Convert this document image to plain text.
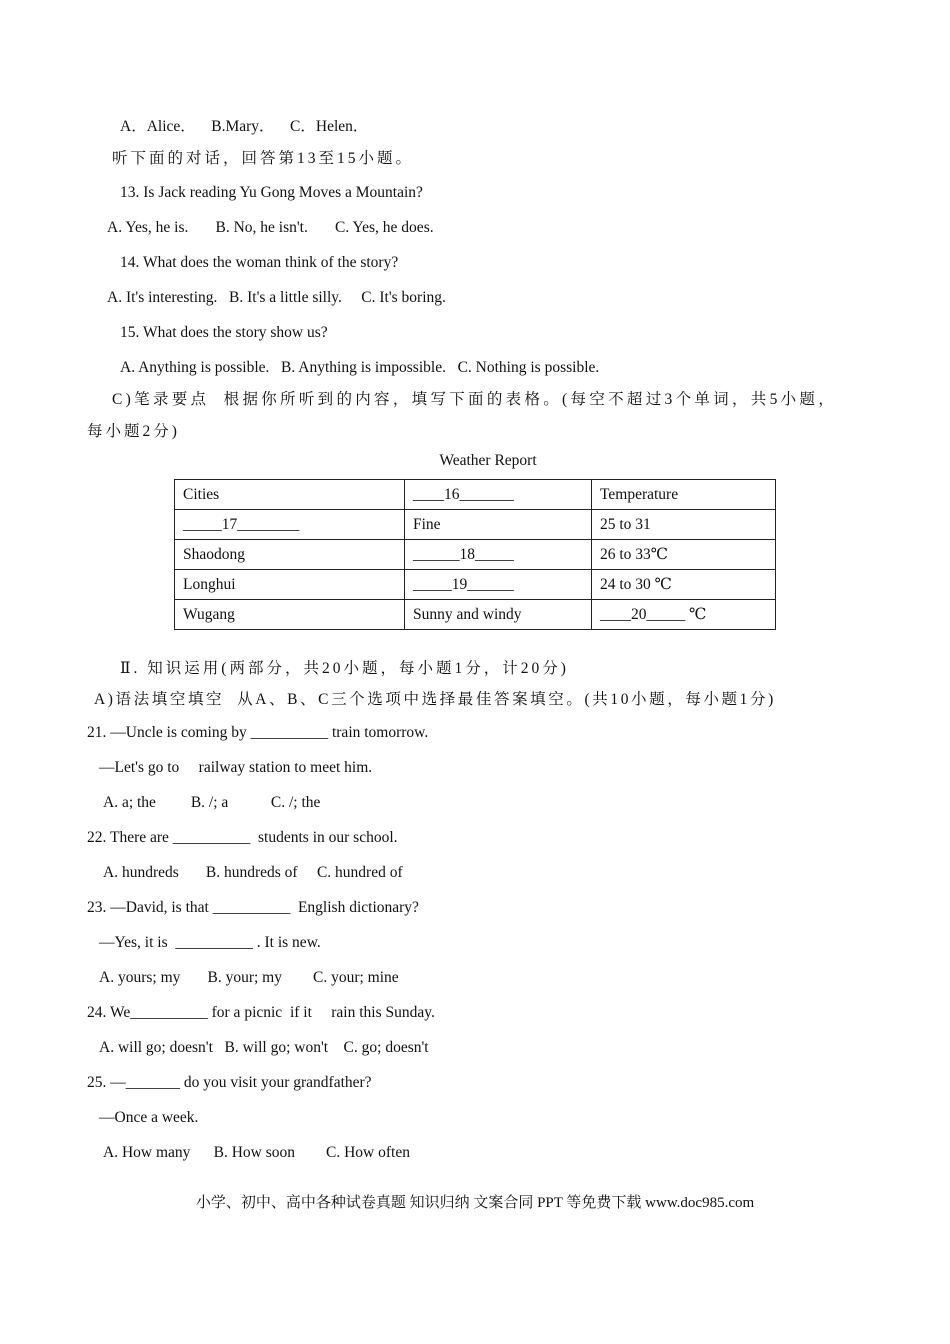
A．Alice．    B.Mary．    C．Helen．
听下面的对话，回答第13至15小题。
13. Is Jack reading Yu Gong Moves a Mountain?
A. Yes, he is.       B. No, he isn't.       C. Yes, he does.
14. What does the woman think of the story?
A. It's interesting.   B. It's a little silly.     C. It's boring.
15. What does the story show us?
A. Anything is possible.   B. Anything is impossible.   C. Nothing is possible.
C)笔录要点  根据你所听到的内容，填写下面的表格。(每空不超过3个单词，共5小题，
每小题2分)
Weather Report
Cities	____16_______	Temperature
_____17________	Fine	25 to 31
Shaodong	______18_____	26 to 33℃
Longhui	_____19______	24 to 30 ℃
Wugang	Sunny and windy	____20_____ ℃
Ⅱ. 知识运用(两部分，共20小题，每小题1分，计20分)
A)语法填空填空  从A、B、C三个选项中选择最佳答案填空。(共10小题，每小题1分)
21. —Uncle is coming by __________ train tomorrow.
—Let's go to     railway station to meet him.
A. a; the         B. /; a           C. /; the
22. There are __________  students in our school.
A. hundreds       B. hundreds of     C. hundred of
23. —David, is that __________  English dictionary?
—Yes, it is  __________ . It is new.
A. yours; my       B. your; my        C. your; mine
24. We__________ for a picnic  if it     rain this Sunday.
A. will go; doesn't   B. will go; won't    C. go; doesn't
25. —_______ do you visit your grandfather?
—Once a week.
A. How many      B. How soon        C. How often
小学、初中、高中各种试卷真题 知识归纳 文案合同 PPT 等免费下载 www.doc985.com
